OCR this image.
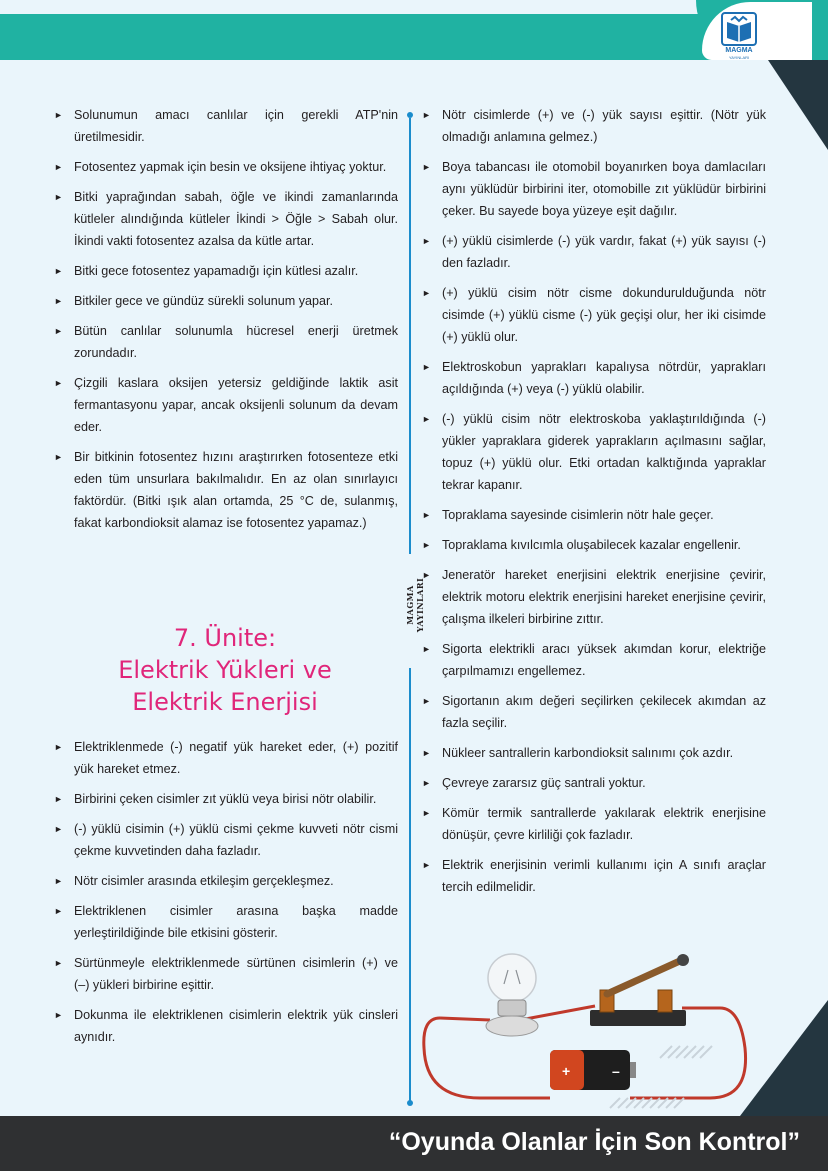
MAGMA
YAYINLARI
► Solunumun amacı canlılar için gerekli ATP'nin üretilmesidir.
► Fotosentez yapmak için besin ve oksijene ihtiyaç yoktur.
► Bitki yaprağından sabah, öğle ve ikindi zamanlarında kütleler alındığında kütleler İkindi > Öğle > Sabah olur. İkindi vakti fotosentez azalsa da kütle artar.
► Bitki gece fotosentez yapamadığı için kütlesi azalır.
► Bitkiler gece ve gündüz sürekli solunum yapar.
► Bütün canlılar solunumla hücresel enerji üretmek zorundadır.
► Çizgili kaslara oksijen yetersiz geldiğinde laktik asit fermantasyonu yapar, ancak oksijenli solunum da devam eder.
► Bir bitkinin fotosentez hızını araştırırken fotosenteze etki eden tüm unsurlara bakılmalıdır. En az olan sınırlayıcı faktördür. (Bitki ışık alan ortamda, 25 °C de, sulanmış, fakat karbondioksit alamaz ise fotosentez yapamaz.)
7. Ünite:
Elektrik Yükleri ve
Elektrik Enerjisi
► Elektriklenmede (-) negatif yük hareket eder, (+) pozitif yük hareket etmez.
► Birbirini çeken cisimler zıt yüklü veya birisi nötr olabilir.
► (-) yüklü cisimin (+) yüklü cismi çekme kuvveti nötr cismi çekme kuvvetinden daha fazladır.
► Nötr cisimler arasında etkileşim gerçekleşmez.
► Elektriklenen cisimler arasına başka madde yerleştirildiğinde bile etkisini gösterir.
► Sürtünmeyle elektriklenmede sürtünen cisimlerin (+) ve (–) yükleri birbirine eşittir.
► Dokunma ile elektriklenen cisimlerin elektrik yük cinsleri aynıdır.
MAGMA YAYINLARI
► Nötr cisimlerde (+) ve (-) yük sayısı eşittir. (Nötr yük olmadığı anlamına gelmez.)
► Boya tabancası ile otomobil boyanırken boya damlacıları aynı yüklüdür birbirini iter, otomobille zıt yüklüdür birbirini çeker. Bu sayede boya yüzeye eşit dağılır.
► (+) yüklü cisimlerde (-) yük vardır, fakat (+) yük sayısı (-) den fazladır.
► (+) yüklü cisim nötr cisme dokundurulduğunda nötr cisimde (+) yüklü cisme (-) yük geçişi olur, her iki cisimde (+) yüklü olur.
► Elektroskobun yaprakları kapalıysa nötrdür, yaprakları açıldığında (+) veya (-) yüklü olabilir.
► (-) yüklü cisim nötr elektroskoba yaklaştırıldığında (-) yükler yapraklara giderek yaprakların açılmasını sağlar, topuz (+) yüklü olur. Etki ortadan kalktığında yapraklar tekrar kapanır.
► Topraklama sayesinde cisimlerin nötr hale geçer.
► Topraklama kıvılcımla oluşabilecek kazalar engellenir.
► Jeneratör hareket enerjisini elektrik enerjisine çevirir, elektrik motoru elektrik enerjisini hareket enerjisine çevirir, çalışma ilkeleri birbirine zıttır.
► Sigorta elektrikli aracı yüksek akımdan korur, elektriğe çarpılmamızı engellemez.
► Sigortanın akım değeri seçilirken çekilecek akımdan az fazla seçilir.
► Nükleer santrallerin karbondioksit salınımı çok azdır.
► Çevreye zararsız güç santrali yoktur.
► Kömür termik santrallerde yakılarak elektrik enerjisine dönüşür, çevre kirliliği çok fazladır.
► Elektrik enerjisinin verimli kullanımı için A sınıfı araçlar tercih edilmelidir.
+	–
“Oyunda Olanlar İçin Son Kontrol”
